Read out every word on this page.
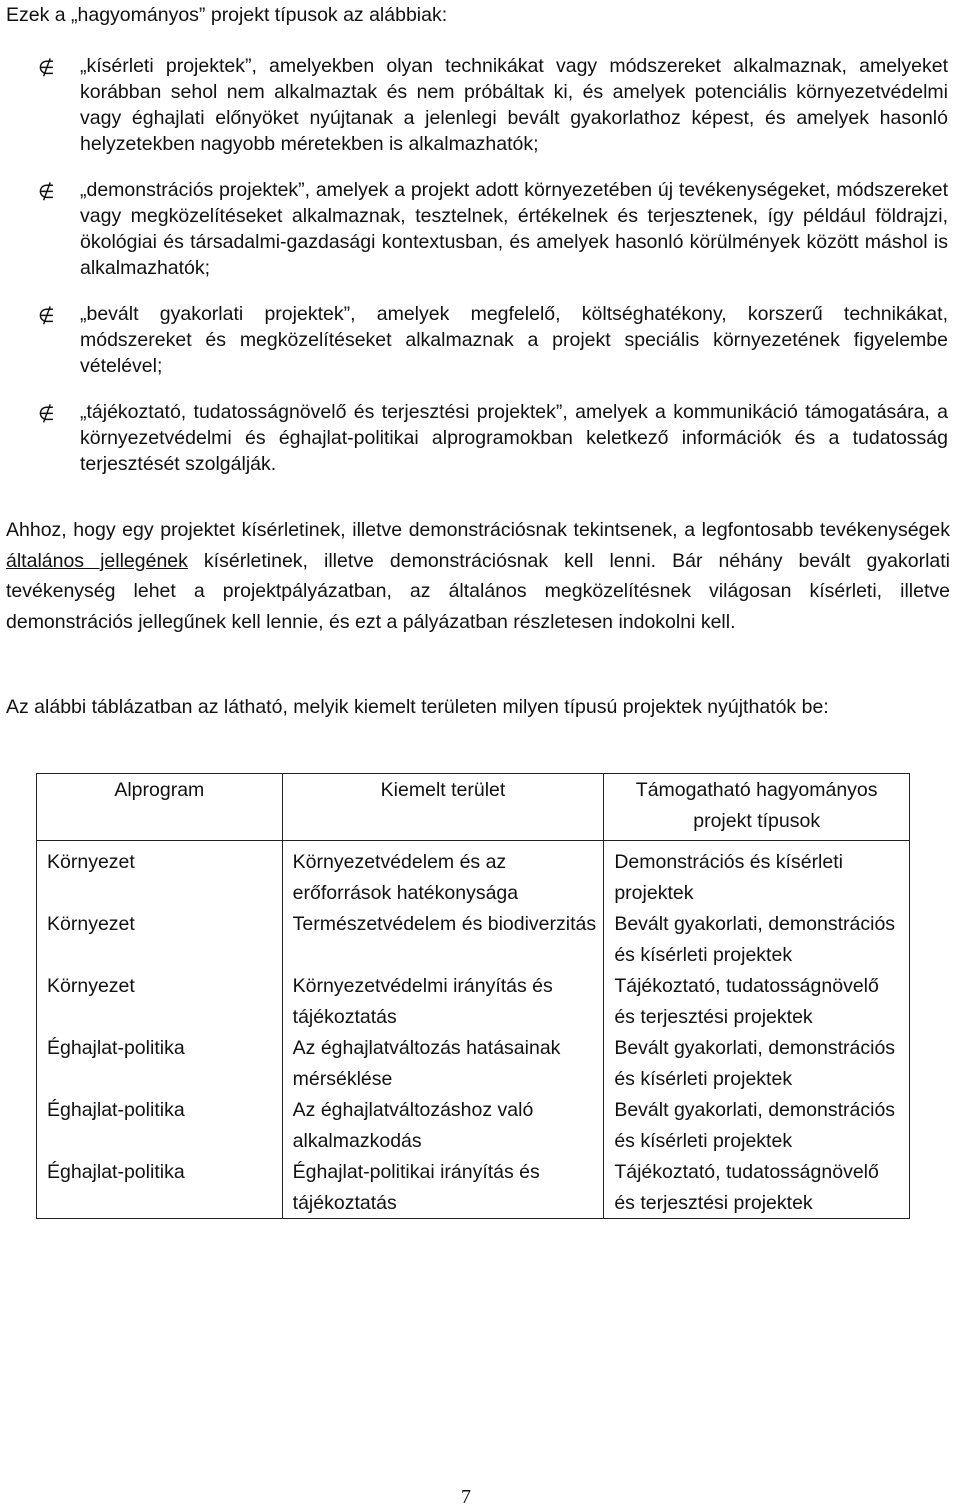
Ezek a „hagyományos” projekt típusok az alábbiak:
∉ „kísérleti projektek”, amelyekben olyan technikákat vagy módszereket alkalmaznak, amelyeket korábban sehol nem alkalmaztak és nem próbáltak ki, és amelyek potenciális környezetvédelmi vagy éghajlati előnyöket nyújtanak a jelenlegi bevált gyakorlathoz képest, és amelyek hasonló helyzetekben nagyobb méretekben is alkalmazhatók;
∉ „demonstrációs projektek”, amelyek a projekt adott környezetében új tevékenységeket, módszereket vagy megközelítéseket alkalmaznak, tesztelnek, értékelnek és terjesztenek, így például földrajzi, ökológiai és társadalmi-gazdasági kontextusban, és amelyek hasonló körülmények között máshol is alkalmazhatók;
∉ „bevált gyakorlati projektek”, amelyek megfelelő, költséghatékony, korszerű technikákat, módszereket és megközelítéseket alkalmaznak a projekt speciális környezetének figyelembe vételével;
∉ „tájékoztató, tudatosságnövelő és terjesztési projektek”, amelyek a kommunikáció támogatására, a környezetvédelmi és éghajlat-politikai alprogramokban keletkező információk és a tudatosság terjesztését szolgálják.

Ahhoz, hogy egy projektet kísérletinek, illetve demonstrációsnak tekintsenek, a legfontosabb tevékenységek általános jellegének kísérletinek, illetve demonstrációsnak kell lenni. Bár néhány bevált gyakorlati tevékenység lehet a projektpályázatban, az általános megközelítésnek világosan kísérleti, illetve demonstrációs jellegűnek kell lennie, és ezt a pályázatban részletesen indokolni kell.

Az alábbi táblázatban az látható, melyik kiemelt területen milyen típusú projektek nyújthatók be:

Alprogram	Kiemelt terület	Támogatható hagyományos projekt típusok
Környezet	Környezetvédelem és az erőforrások hatékonysága	Demonstrációs és kísérleti projektek
Környezet	Természetvédelem és biodiverzitás	Bevált gyakorlati, demonstrációs és kísérleti projektek
Környezet	Környezetvédelmi irányítás és tájékoztatás	Tájékoztató, tudatosságnövelő és terjesztési projektek
Éghajlat-politika	Az éghajlatváltozás hatásainak mérséklése	Bevált gyakorlati, demonstrációs és kísérleti projektek
Éghajlat-politika	Az éghajlatváltozáshoz való alkalmazkodás	Bevált gyakorlati, demonstrációs és kísérleti projektek
Éghajlat-politika	Éghajlat-politikai irányítás és tájékoztatás	Tájékoztató, tudatosságnövelő és terjesztési projektek
7
